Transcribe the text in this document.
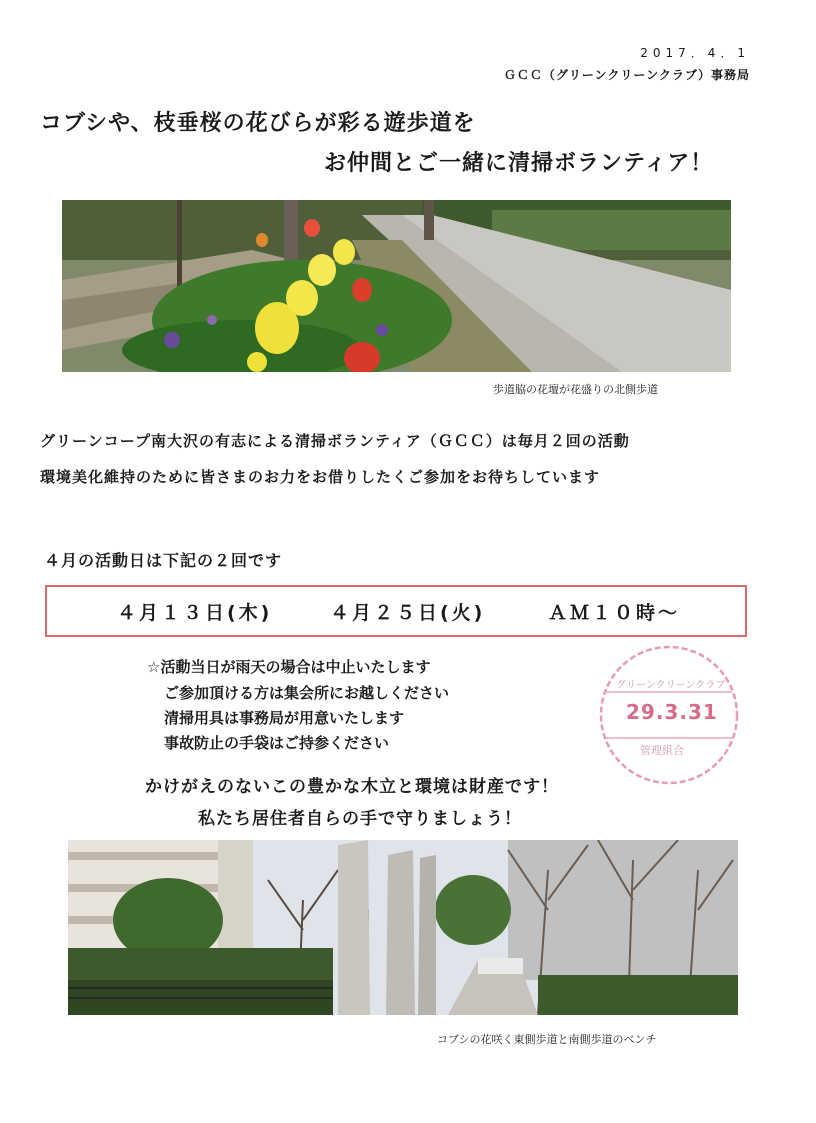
2017．4．1
ＧＣＣ（グリーンクリーンクラブ）事務局
コブシや、枝垂桜の花びらが彩る遊歩道を
お仲間とご一緒に清掃ボランティア！
歩道脇の花壇が花盛りの北側歩道
グリーンコープ南大沢の有志による清掃ボランティア（ＧＣＣ）は毎月２回の活動
環境美化維持のために皆さまのお力をお借りしたくご参加をお待ちしています
４月の活動日は下記の２回です
４月１３日(木)	４月２５日(火)	ＡＭ１０時～
☆活動当日が雨天の場合は中止いたします
ご参加頂ける方は集会所にお越しください
清掃用具は事務局が用意いたします
事故防止の手袋はご持参ください
グリーンクリーンクラブ
29.3.31
管理組合
かけがえのないこの豊かな木立と環境は財産です！
私たち居住者自らの手で守りましょう！
コブシの花咲く東側歩道と南側歩道のベンチ
